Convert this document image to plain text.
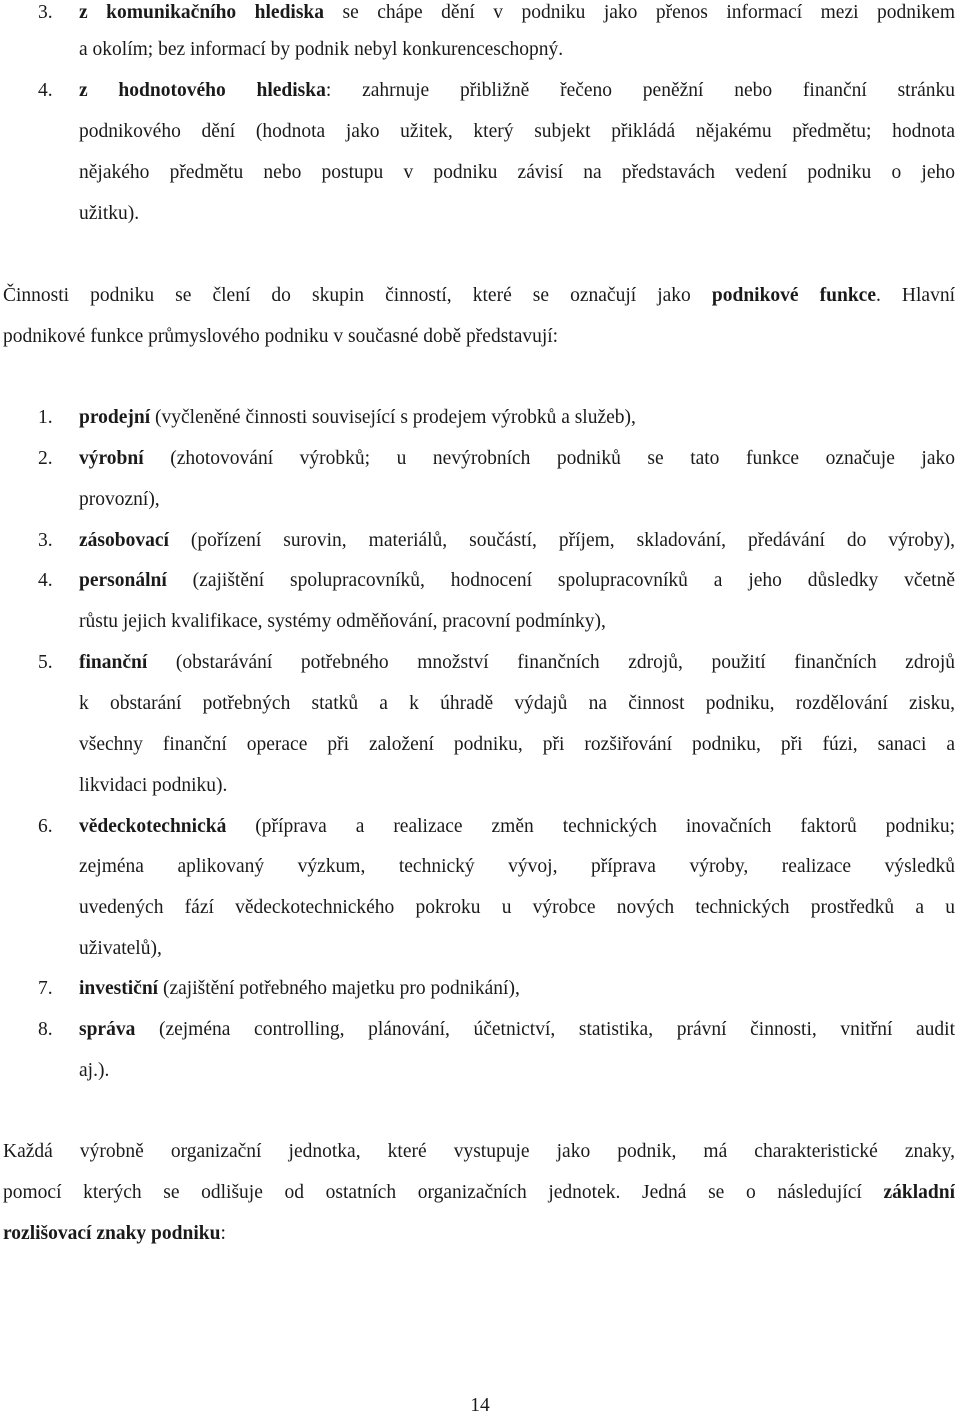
3. z komunikačního hlediska se chápe dění v podniku jako přenos informací mezi podnikem
a okolím; bez informací by podnik nebyl konkurenceschopný.
4. z hodnotového hlediska: zahrnuje přibližně řečeno peněžní nebo finanční stránku
podnikového dění (hodnota jako užitek, který subjekt přikládá nějakému předmětu; hodnota
nějakého předmětu nebo postupu v podniku závisí na představách vedení podniku o jeho
užitku).
Činnosti podniku se člení do skupin činností, které se označují jako podnikové funkce. Hlavní
podnikové funkce průmyslového podniku v současné době představují:
1. prodejní (vyčleněné činnosti související s prodejem výrobků a služeb),
2. výrobní (zhotovování výrobků; u nevýrobních podniků se tato funkce označuje jako
provozní),
3. zásobovací (pořízení surovin, materiálů, součástí, příjem, skladování, předávání do výroby),
4. personální (zajištění spolupracovníků, hodnocení spolupracovníků a jeho důsledky včetně
růstu jejich kvalifikace, systémy odměňování, pracovní podmínky),
5. finanční (obstarávání potřebného množství finančních zdrojů, použití finančních zdrojů
k obstarání potřebných statků a k úhradě výdajů na činnost podniku, rozdělování zisku,
všechny finanční operace při založení podniku, při rozšiřování podniku, při fúzi, sanaci a
likvidaci podniku).
6. vědeckotechnická (příprava a realizace změn technických inovačních faktorů podniku;
zejména aplikovaný výzkum, technický vývoj, příprava výroby, realizace výsledků
uvedených fází vědeckotechnického pokroku u výrobce nových technických prostředků a u
uživatelů),
7. investiční (zajištění potřebného majetku pro podnikání),
8. správa (zejména controlling, plánování, účetnictví, statistika, právní činnosti, vnitřní audit
aj.).
Každá výrobně organizační jednotka, které vystupuje jako podnik, má charakteristické znaky,
pomocí kterých se odlišuje od ostatních organizačních jednotek. Jedná se o následující základní
rozlišovací znaky podniku:
14
